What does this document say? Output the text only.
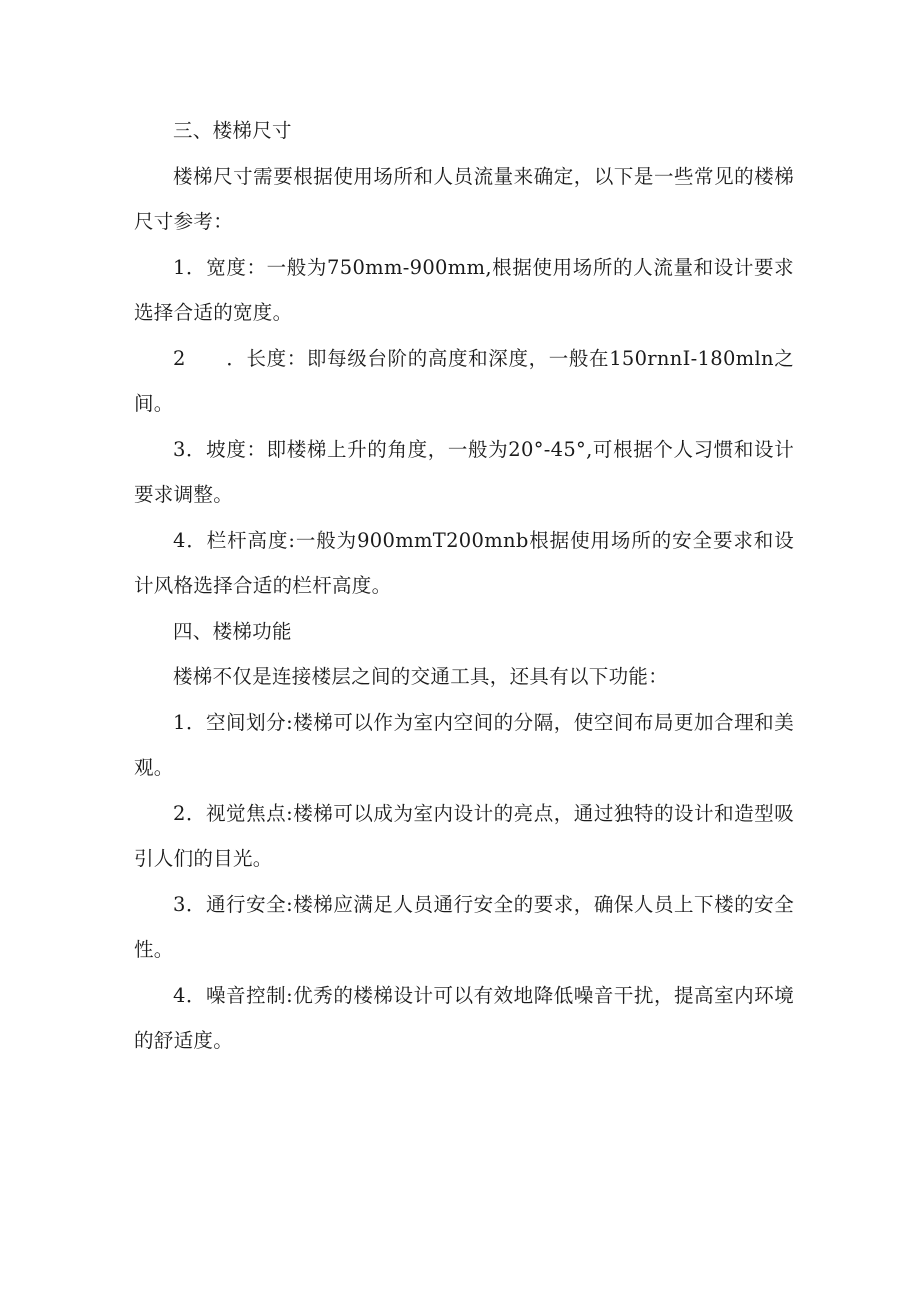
三、楼梯尺寸

楼梯尺寸需要根据使用场所和人员流量来确定，以下是一些常见的楼梯尺寸参考：

1．宽度：一般为750mm-900mm,根据使用场所的人流量和设计要求选择合适的宽度。

2　　．长度：即每级台阶的高度和深度，一般在150rnnI-180mln之间。

3．坡度：即楼梯上升的角度，一般为20°-45°,可根据个人习惯和设计要求调整。

4．栏杆高度:一般为900mmT200mnb根据使用场所的安全要求和设计风格选择合适的栏杆高度。

四、楼梯功能

楼梯不仅是连接楼层之间的交通工具，还具有以下功能：

1．空间划分:楼梯可以作为室内空间的分隔，使空间布局更加合理和美观。

2．视觉焦点:楼梯可以成为室内设计的亮点，通过独特的设计和造型吸引人们的目光。

3．通行安全:楼梯应满足人员通行安全的要求，确保人员上下楼的安全性。

4．噪音控制:优秀的楼梯设计可以有效地降低噪音干扰，提高室内环境的舒适度。
